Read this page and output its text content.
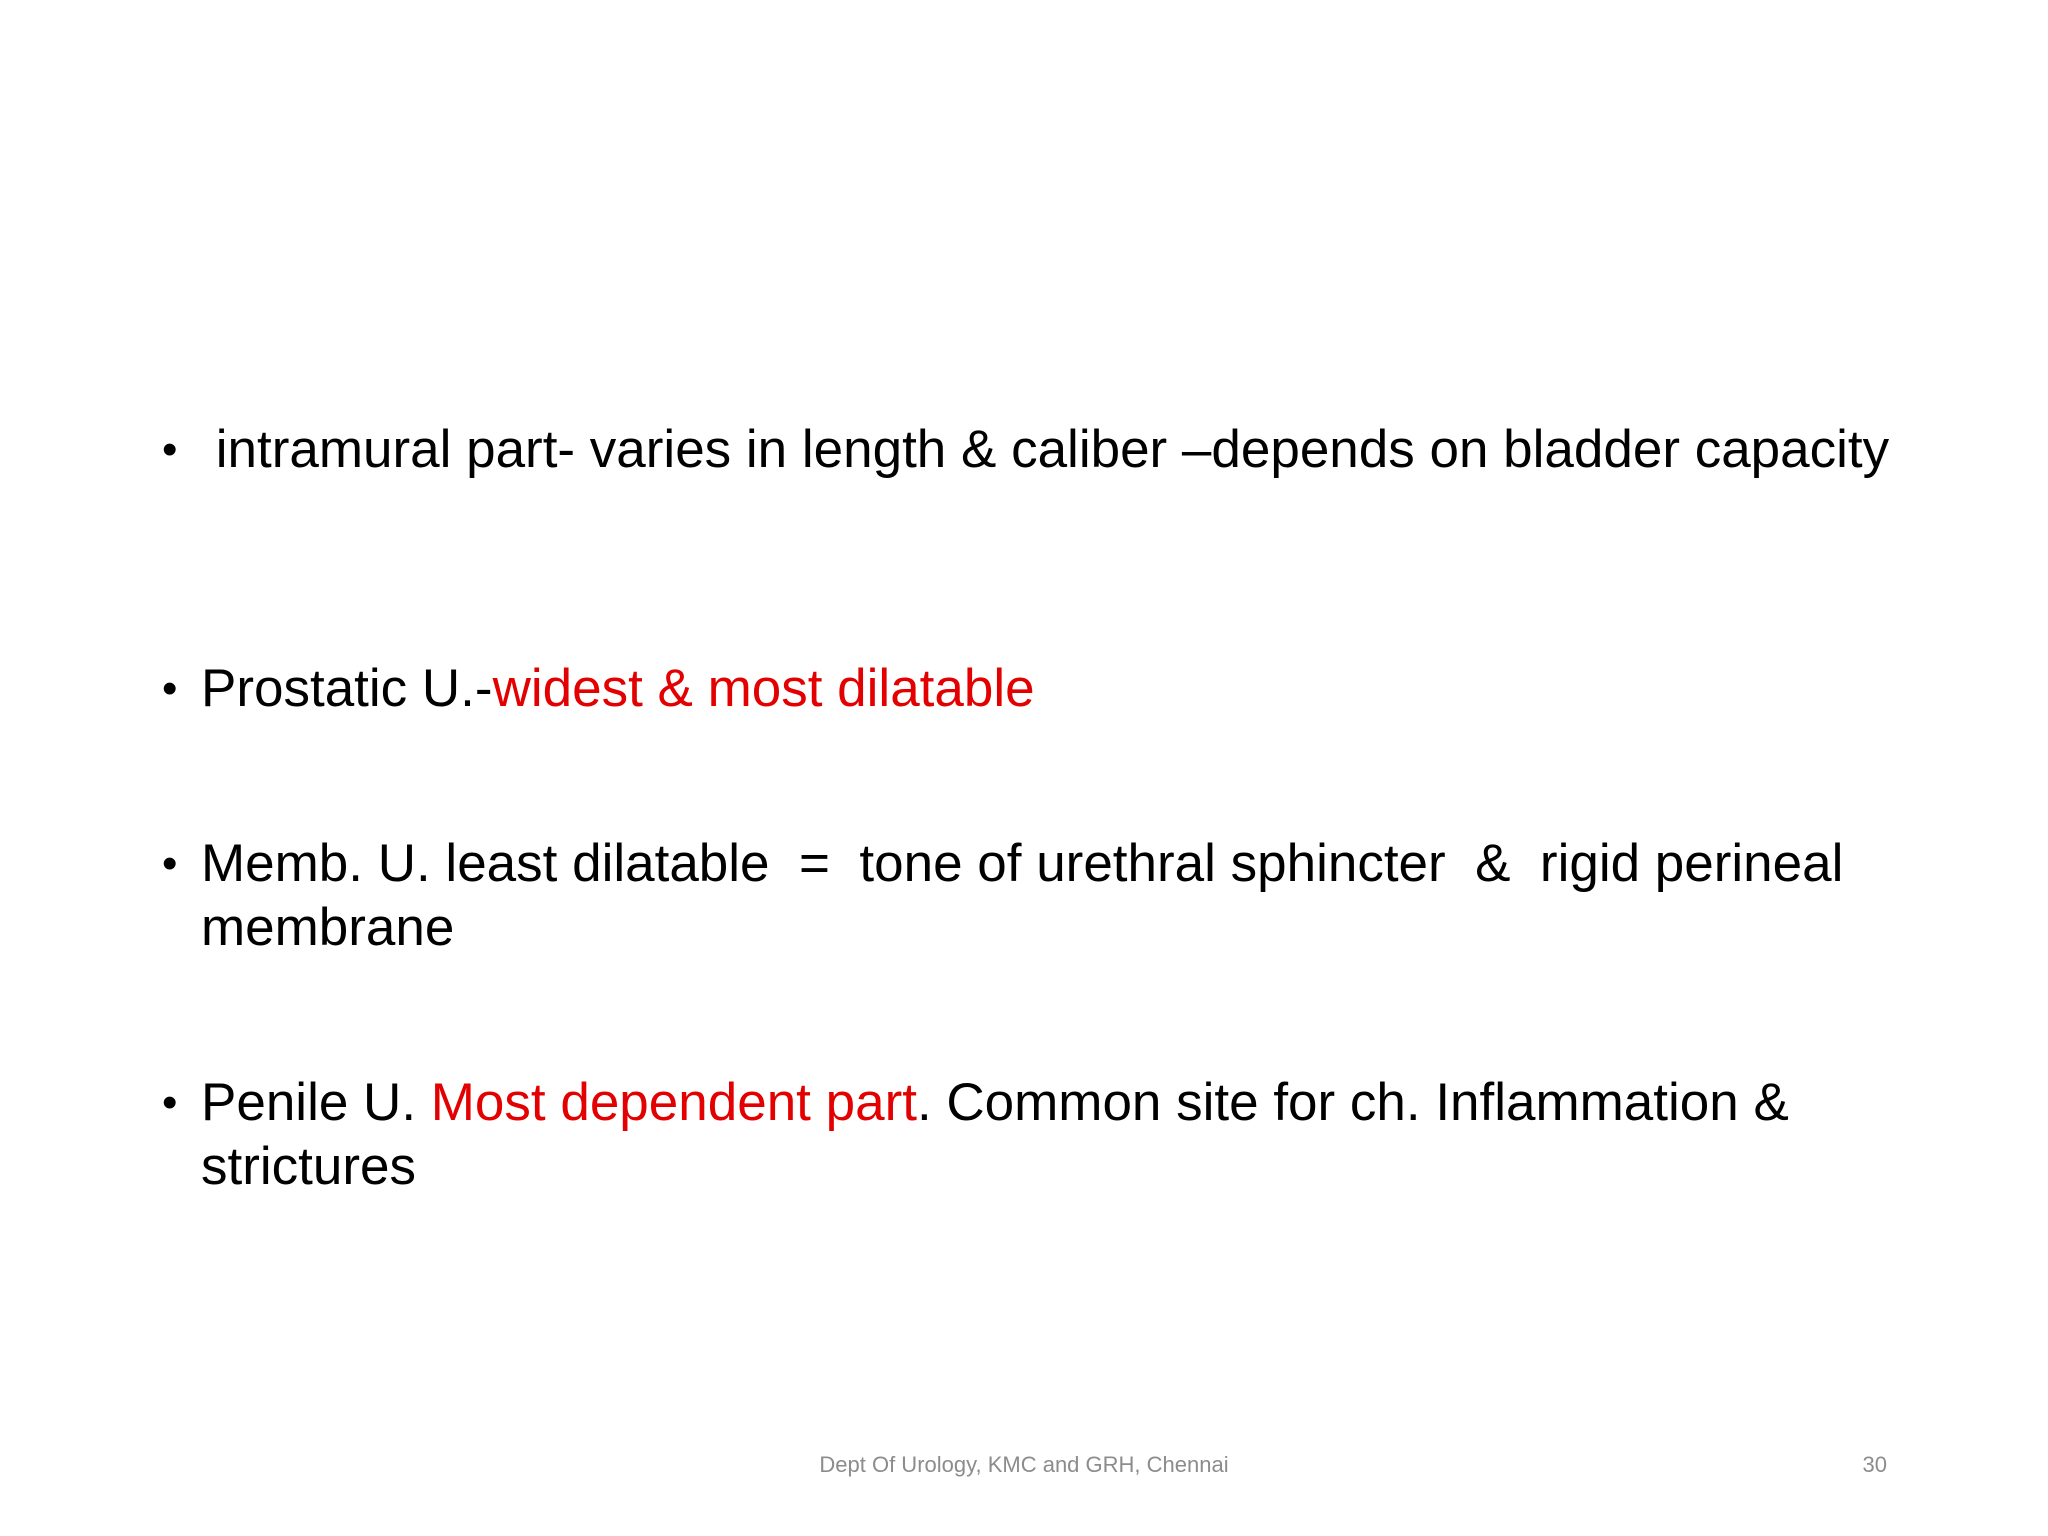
• intramural part- varies in length & caliber –depends on bladder capacity
• Prostatic U.-widest & most dilatable
• Memb. U. least dilatable  =  tone of urethral sphincter  &  rigid perineal membrane
• Penile U. Most dependent part. Common site for ch. Inflammation & strictures
Dept Of Urology, KMC and GRH, Chennai	30
